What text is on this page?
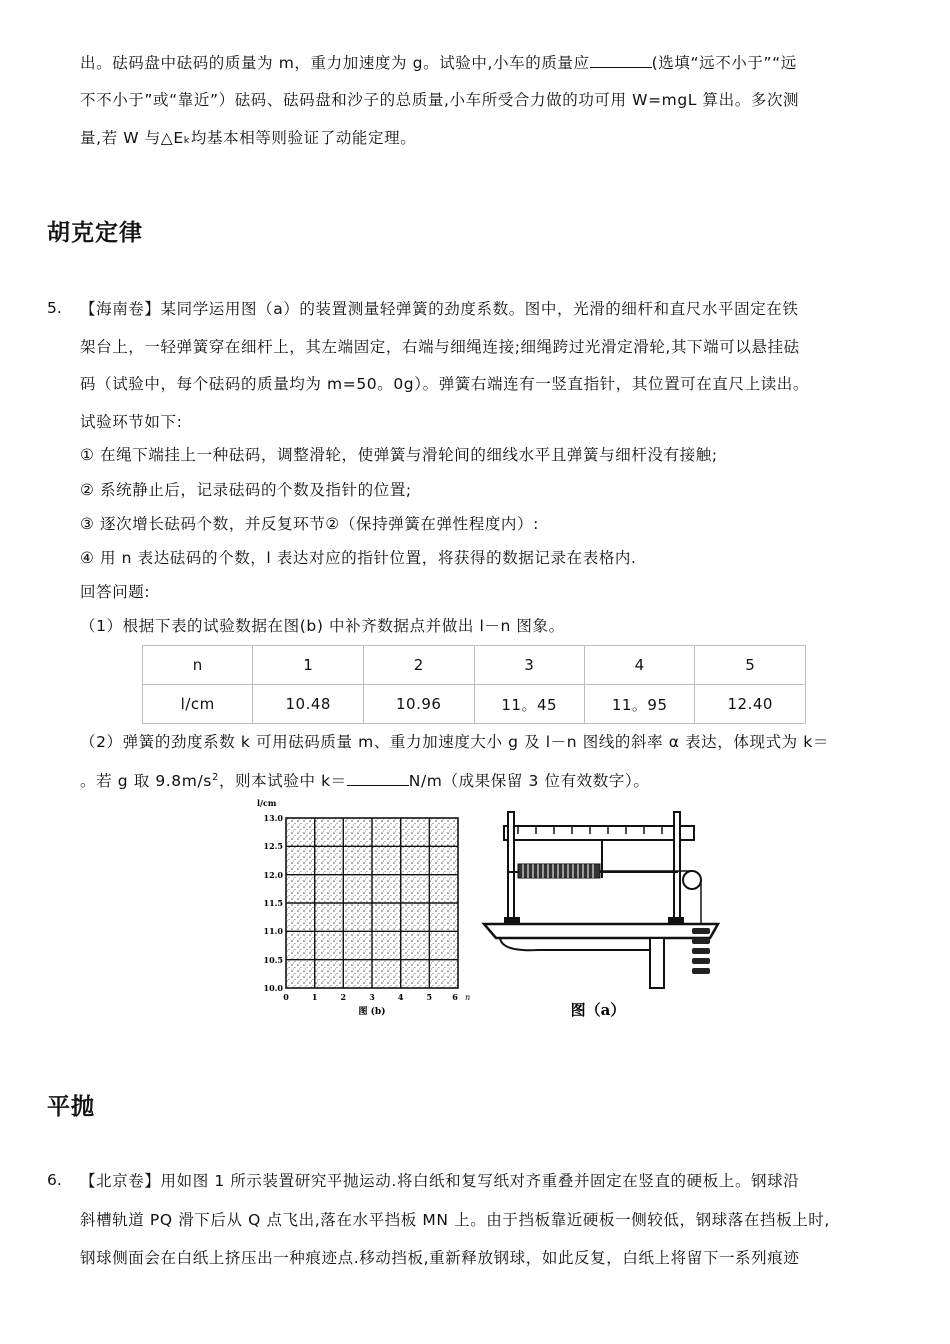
出。砝码盘中砝码的质量为 m，重力加速度为 g。试验中,小车的质量应	(选填“远不小于”“远
不不小于”或“靠近”）砝码、砝码盘和沙子的总质量,小车所受合力做的功可用 W=mgL 算出。多次测
量,若 W 与△Eₖ均基本相等则验证了动能定理。
胡克定律
5. 【海南卷】某同学运用图（a）的装置测量轻弹簧的劲度系数。图中，光滑的细杆和直尺水平固定在铁
架台上，一轻弹簧穿在细杆上，其左端固定，右端与细绳连接;细绳跨过光滑定滑轮,其下端可以悬挂砝
码（试验中，每个砝码的质量均为 m=50。0g）。弹簧右端连有一竖直指针，其位置可在直尺上读出。
试验环节如下:
① 在绳下端挂上一种砝码，调整滑轮，使弹簧与滑轮间的细线水平且弹簧与细杆没有接触;
② 系统静止后，记录砝码的个数及指针的位置;
③ 逐次增长砝码个数，并反复环节②（保持弹簧在弹性程度内）:
④ 用 n 表达砝码的个数，l 表达对应的指针位置，将获得的数据记录在表格内.
回答问题:
（1）根据下表的试验数据在图(b) 中补齐数据点并做出 l－n 图象。
n	1	2	3	4	5
l/cm	10.48	10.96	11。45	11。95	12.40
（2）弹簧的劲度系数 k 可用砝码质量 m、重力加速度大小 g 及 l－n 图线的斜率 α 表达，体现式为 k＝
。若 g 取 $9.8m/s^2$，则本试验中 k＝	N/m（成果保留 3 位有效数字）。
l/cm
13.0
12.5
12.0
11.5
11.0
10.5
10.0
0	1	2	3	4	5	6 n
图 (b)	图（a）
平抛
6. 【北京卷】用如图 1 所示装置研究平抛运动.将白纸和复写纸对齐重叠并固定在竖直的硬板上。钢球沿
斜槽轨道 PQ 滑下后从 Q 点飞出,落在水平挡板 MN 上。由于挡板靠近硬板一侧较低，钢球落在挡板上时,
钢球侧面会在白纸上挤压出一种痕迹点.移动挡板,重新释放钢球，如此反复，白纸上将留下一系列痕迹
